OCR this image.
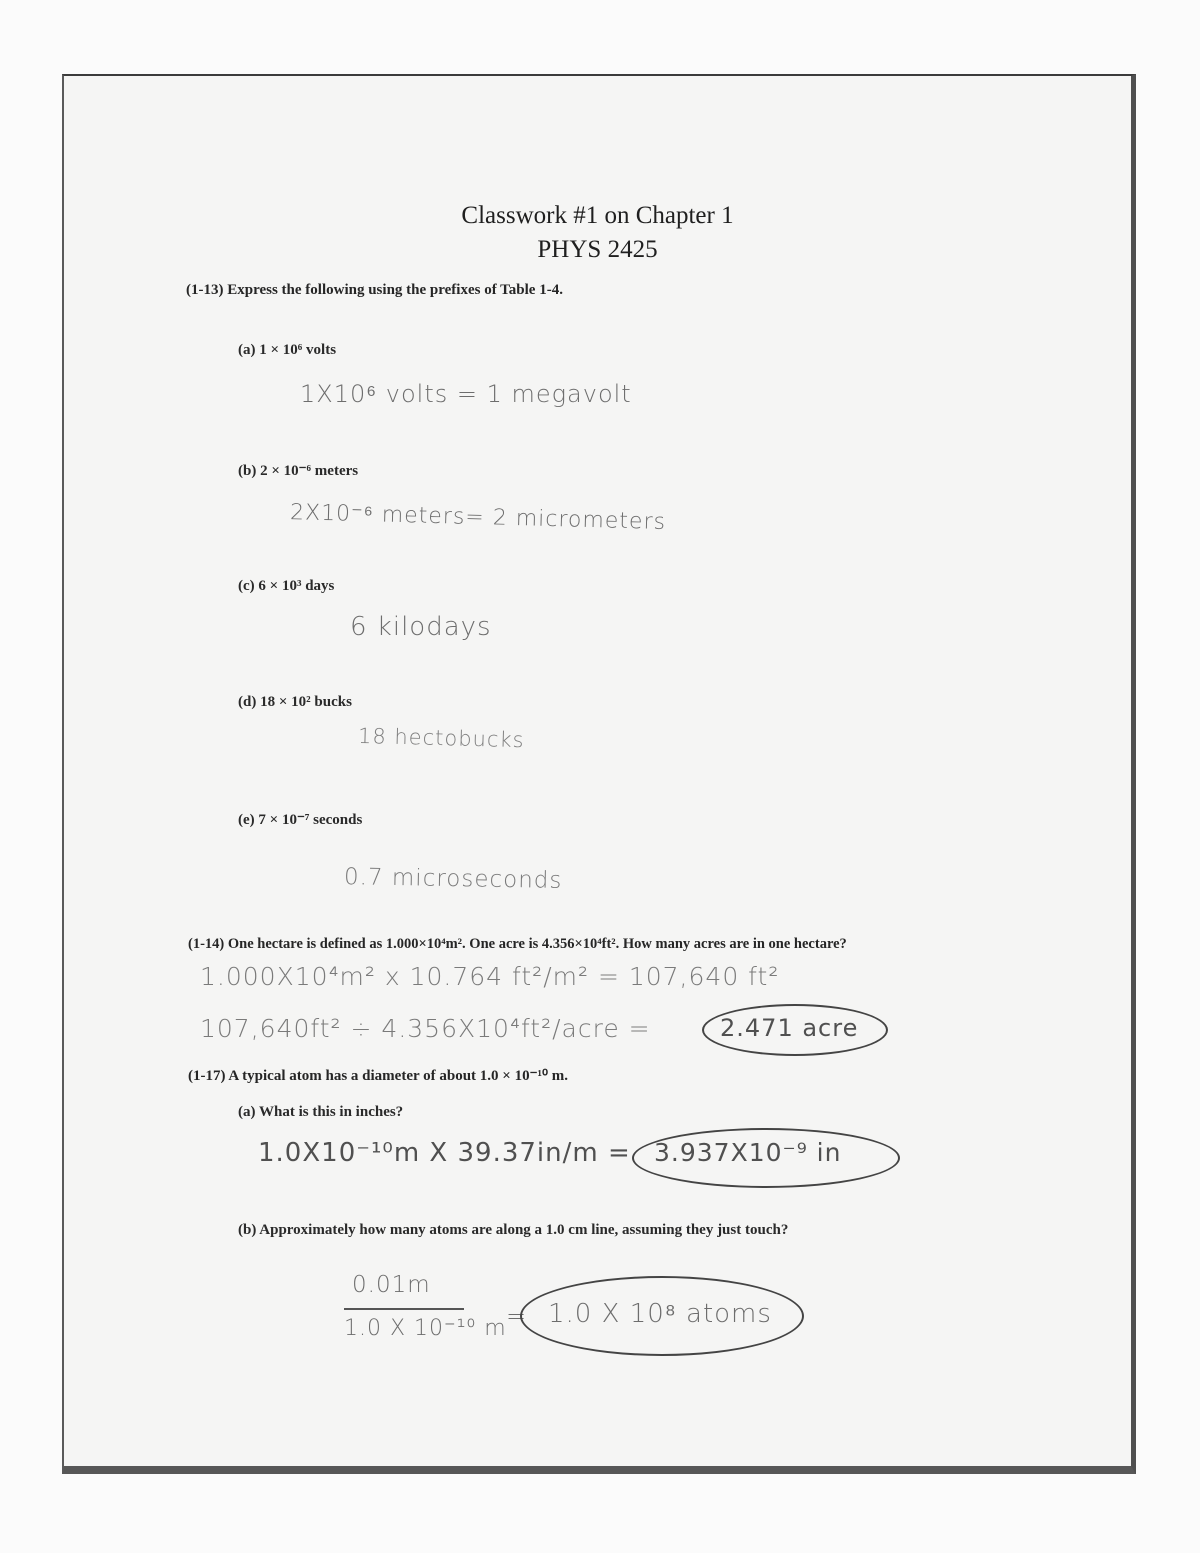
Classwork #1 on Chapter 1
PHYS 2425
(1-13) Express the following using the prefixes of Table 1-4.
(a) 1 × 10⁶ volts
1X10⁶ volts = 1 megavolt
(b) 2 × 10⁻⁶ meters
2X10⁻⁶ meters= 2 micrometers
(c) 6 × 10³ days
6 kilodays
(d) 18 × 10² bucks
18 hectobucks
(e) 7 × 10⁻⁷ seconds
0.7 microseconds
(1-14) One hectare is defined as 1.000×10⁴m². One acre is 4.356×10⁴ft². How many acres are in one hectare?
1.000X10⁴m² x 10.764 ft²/m² = 107,640 ft²
107,640ft² ÷ 4.356X10⁴ft²/acre =	2.471 acre
(1-17) A typical atom has a diameter of about 1.0 × 10⁻¹⁰ m.
(a) What is this in inches?
1.0X10⁻¹⁰m X 39.37in/m = 3.937X10⁻⁹ in
(b) Approximately how many atoms are along a 1.0 cm line, assuming they just touch?
0.01m
1.0 X 10⁻¹⁰ m = 1.0 X 10⁸ atoms
